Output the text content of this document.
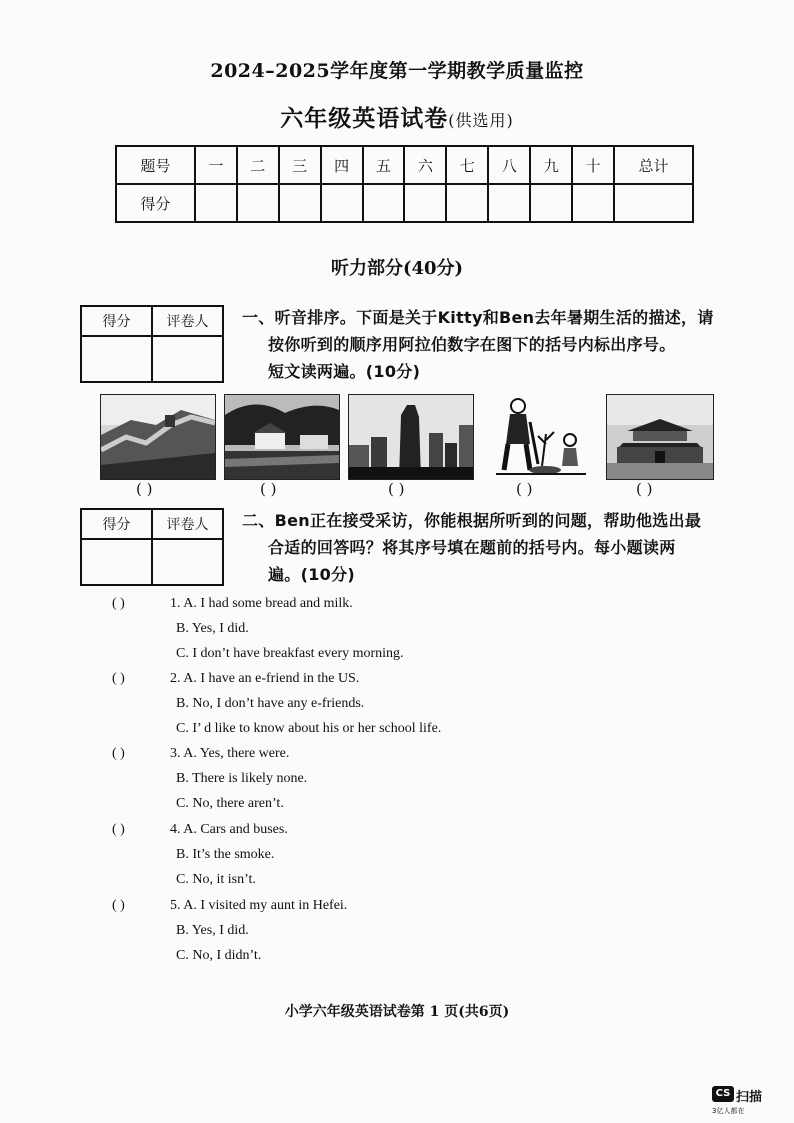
2024–2025学年度第一学期教学质量监控
六年级英语试卷(供选用)
题号	一	二	三	四	五	六	七	八	九	十	总计
得分											
听力部分(40分)
得分	评卷人
	一、听音排序。下面是关于Kitty和Ben去年暑期生活的描述，请
按你听到的顺序用阿拉伯数字在图下的括号内标出序号。
短文读两遍。(10分)
( )	( )	( )	( )	( )
得分	评卷人
	二、Ben正在接受采访，你能根据所听到的问题，帮助他选出最
合适的回答吗？将其序号填在题前的括号内。每小题读两
遍。(10分)
( )	1. A. I had some bread and milk.
B. Yes, I did.
C. I don’t have breakfast every morning.
( )	2. A. I have an e-friend in the US.
B. No, I don’t have any e-friends.
C. I’ d like to know about his or her school life.
( )	3. A. Yes, there were.
B. There is likely none.
C. No, there aren’t.
( )	4. A. Cars and buses.
B. It’s the smoke.
C. No, it isn’t.
( )	5. A. I visited my aunt in Hefei.
B. Yes, I did.
C. No, I didn’t.
小学六年级英语试卷第 1 页(共6页)
CS 扫描
3亿人都在
